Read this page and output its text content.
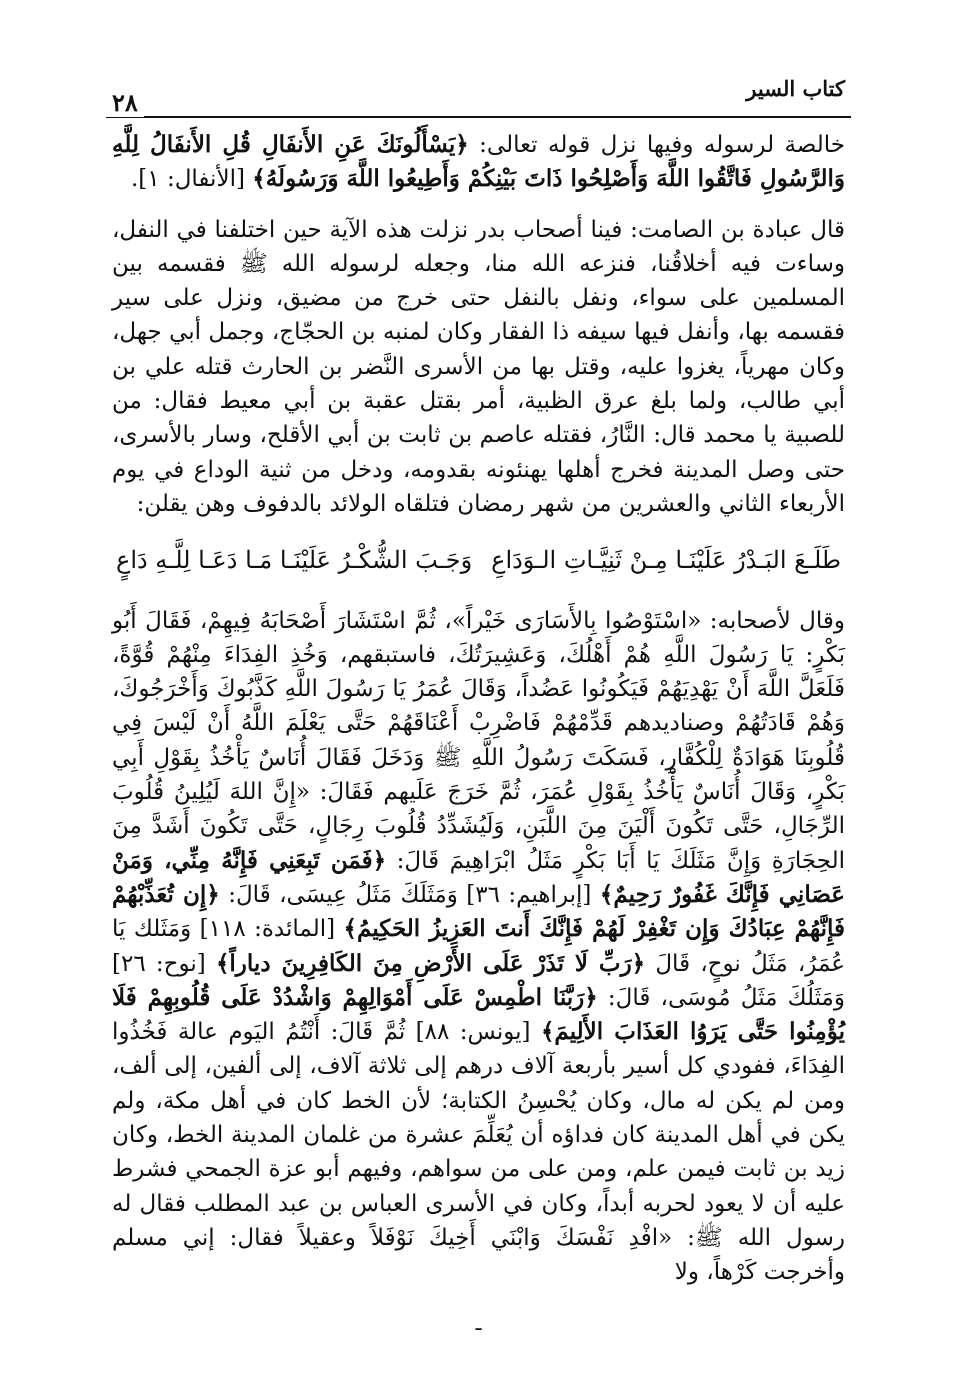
كتاب السير
٢٨

خالصة لرسوله وفيها نزل قوله تعالى: ﴿يَسْأَلُونَكَ عَنِ الأَنفَالِ قُلِ الأَنفَالُ لِلَّهِ وَالرَّسُولِ فَاتَّقُوا اللَّهَ وَأَصْلِحُوا ذَاتَ بَيْنِكُمْ وَأَطِيعُوا اللَّهَ وَرَسُولَهُ﴾ [الأنفال: ١].

قال عبادة بن الصامت: فينا أصحاب بدر نزلت هذه الآية حين اختلفنا في النفل، وساءت فيه أخلاقُنا، فنزعه الله منا، وجعله لرسوله الله ﷺ فقسمه بين المسلمين على سواء، ونفل بالنفل حتى خرج من مضيق، ونزل على سير فقسمه بها، وأنفل فيها سيفه ذا الفقار وكان لمنبه بن الحجّاج، وجمل أبي جهل، وكان مهرياً، يغزوا عليه، وقتل بها من الأسرى النَّضر بن الحارث قتله علي بن أبي طالب، ولما بلغ عرق الظبية، أمر بقتل عقبة بن أبي معيط فقال: من للصبية يا محمد قال: النَّارُ، فقتله عاصم بن ثابت بن أبي الأقلح، وسار بالأسرى، حتى وصل المدينة فخرج أهلها يهنئونه بقدومه، ودخل من ثنية الوداع في يوم الأربعاء الثاني والعشرين من شهر رمضان فتلقاه الولائد بالدفوف وهن يقلن:

طَلَـعَ البَـدْرُ عَلَيْنَـا مِـنْ ثَنِيَّـاتِ الـوَدَاعِ
وَجَـبَ الشُّكْـرُ عَلَيْنَـا مَـا دَعَـا لِلَّـهِ دَاعٍ

وقال لأصحابه: «اسْتَوْصُوا بِالأَسَارَى خَيْراً»، ثُمَّ اسْتَشَارَ أَصْحَابَهُ فِيهِمْ، فَقَالَ أَبُو بَكْرٍ: يَا رَسُولَ اللَّهِ هُمْ أَهْلُكَ، وَعَشِيرَتُكَ، فاستبقهم، وَخُذِ الفِدَاءَ مِنْهُمْ قُوَّةً، فَلَعَلَّ اللَّهَ أَنْ يَهْدِيَهُمْ فَيَكُونُوا عَضُداً، وَقَالَ عُمَرُ يَا رَسُولَ اللَّهِ كَذَّبُوكَ وَأَخْرَجُوكَ، وَهُمْ قَادَتُهُمْ وصناديدهم قَدِّمْهُمْ فَاضْرِبْ أَعْنَاقَهُمْ حَتَّى يَعْلَمَ اللَّهُ أَنْ لَيْسَ فِي قُلُوبِنَا هَوَادَةٌ لِلْكُفَّارِ، فَسَكَتَ رَسُولُ اللَّهِ ﷺ وَدَخَلَ فَقَالَ أُنَاسٌ يَأْخُذُ بِقَوْلِ أَبِي بَكْرٍ، وَقَالَ أُنَاسٌ يَأْخُذُ بِقَوْلِ عُمَرَ، ثُمَّ خَرَجَ عَلَيهم فَقَالَ: «إِنَّ اللهَ لَيُلِينُ قُلُوبَ الرِّجَالِ، حَتَّى تَكُونَ أَلْيَنَ مِنَ اللَّبَنِ، وَلَيُشَدِّدُ قُلُوبَ رِجَالٍ، حَتَّى تَكُونَ أَشَدَّ مِنَ الحِجَارَةِ وَإِنَّ مَثَلَكَ يَا أَبَا بَكْرٍ مَثَلُ ابْرَاهِيمَ قَالَ: ﴿فَمَن تَبِعَنِي فَإِنَّهُ مِنِّي، وَمَنْ عَصَانِي فَإِنَّكَ غَفُورٌ رَحِيمٌ﴾ [إبراهيم: ٣٦] وَمَثَلَكَ مَثَلُ عِيسَى، قَالَ: ﴿إِن تُعَذِّبْهُمْ فَإِنَّهُمْ عِبَادُكَ وَإِن تَغْفِرْ لَهُمْ فَإِنَّكَ أَنتَ العَزِيزُ الحَكِيمُ﴾ [المائدة: ١١٨] وَمَثَلك يَا عُمَرُ، مَثَلُ نوحٍ، قَالَ ﴿رَبِّ لَا تَذَرْ عَلَى الأَرْضِ مِنَ الكَافِرِينَ دياراً﴾ [نوح: ٢٦] وَمَثَلُكَ مَثَلُ مُوسَى، قَالَ: ﴿رَبَّنَا اطْمِسْ عَلَى أَمْوَالِهِمْ وَاشْدُدْ عَلَى قُلُوبِهِمْ فَلَا يُؤْمِنُوا حَتَّى يَرَوُا العَذَابَ الأَلِيمَ﴾ [يونس: ٨٨] ثُمَّ قَالَ: أَنْتُمُ اليَوم عالة فَخُذُوا الفِدَاءَ، ففودي كل أسير بأربعة آلاف درهم إلى ثلاثة آلاف، إلى ألفين، إلى ألف، ومن لم يكن له مال، وكان يُحْسِنُ الكتابة؛ لأن الخط كان في أهل مكة، ولم يكن في أهل المدينة كان فداؤه أن يُعَلِّمَ عشرة من غلمان المدينة الخط، وكان زيد بن ثابت فيمن علم، ومن على من سواهم، وفيهم أبو عزة الجمحي فشرط عليه أن لا يعود لحربه أبداً، وكان في الأسرى العباس بن عبد المطلب فقال له رسول الله ﷺ: «افْدِ نَفْسَكَ وَابْنَي أَخِيكَ نَوْفَلاً وعقيلاً فقال: إني مسلم وأخرجت كَرْهاً، ولا

ـ
